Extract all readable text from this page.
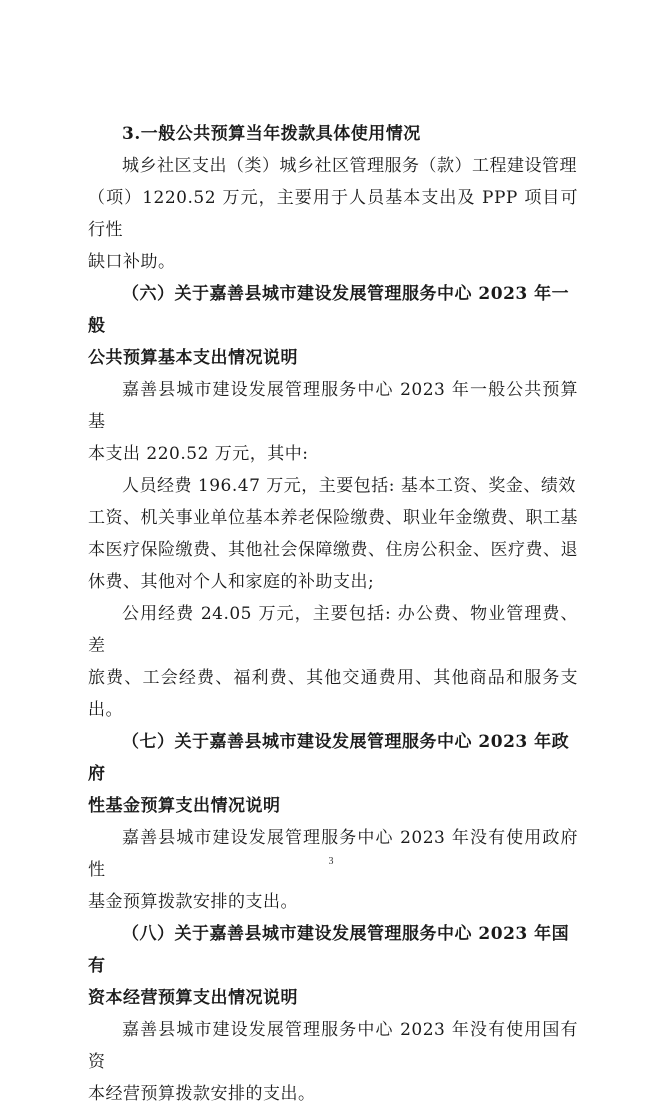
3.一般公共预算当年拨款具体使用情况

城乡社区支出（类）城乡社区管理服务（款）工程建设管理
（项）1220.52 万元，主要用于人员基本支出及 PPP 项目可行性
缺口补助。

（六）关于嘉善县城市建设发展管理服务中心 2023 年一般
公共预算基本支出情况说明

嘉善县城市建设发展管理服务中心 2023 年一般公共预算基
本支出 220.52 万元，其中:

人员经费 196.47 万元，主要包括: 基本工资、奖金、绩效
工资、机关事业单位基本养老保险缴费、职业年金缴费、职工基
本医疗保险缴费、其他社会保障缴费、住房公积金、医疗费、退
休费、其他对个人和家庭的补助支出;

公用经费 24.05 万元，主要包括: 办公费、物业管理费、差
旅费、工会经费、福利费、其他交通费用、其他商品和服务支出。

（七）关于嘉善县城市建设发展管理服务中心 2023 年政府
性基金预算支出情况说明

嘉善县城市建设发展管理服务中心 2023 年没有使用政府性
基金预算拨款安排的支出。

（八）关于嘉善县城市建设发展管理服务中心 2023 年国有
资本经营预算支出情况说明

嘉善县城市建设发展管理服务中心 2023 年没有使用国有资
本经营预算拨款安排的支出。

3
